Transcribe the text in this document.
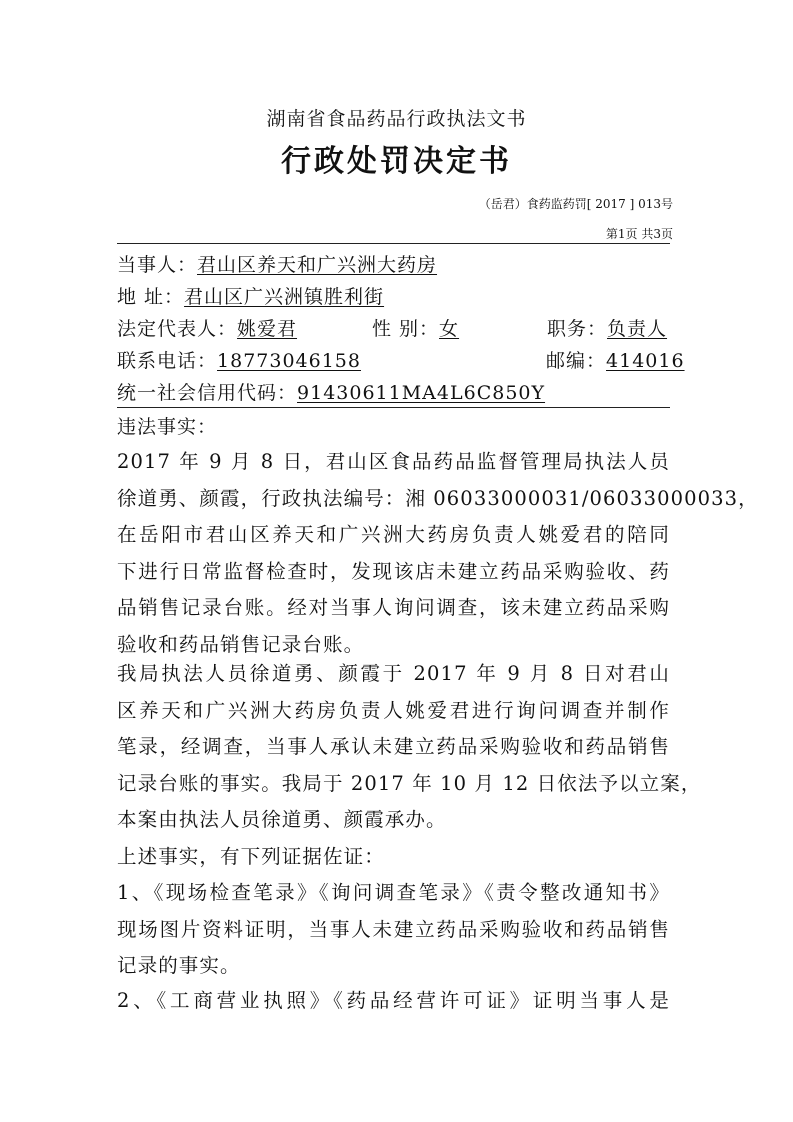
湖南省食品药品行政执法文书
行政处罚决定书
（岳君）食药监药罚[ 2017 ] 013号
第1页 共3页
当事人：君山区养天和广兴洲大药房
地 址：君山区广兴洲镇胜利街
法定代表人：姚爱君	性 别：女	职务：负责人
联系电话：18773046158	邮编：414016
统一社会信用代码：91430611MA4L6C850Y
违法事实：
2017 年 9 月 8 日，君山区食品药品监督管理局执法人员
徐道勇、颜霞，行政执法编号：湘 06033000031/06033000033，
在岳阳市君山区养天和广兴洲大药房负责人姚爱君的陪同
下进行日常监督检查时，发现该店未建立药品采购验收、药
品销售记录台账。经对当事人询问调查，该未建立药品采购
验收和药品销售记录台账。
我局执法人员徐道勇、颜霞于 2017 年 9 月 8 日对君山
区养天和广兴洲大药房负责人姚爱君进行询问调查并制作
笔录，经调查，当事人承认未建立药品采购验收和药品销售
记录台账的事实。我局于 2017 年 10 月 12 日依法予以立案，
本案由执法人员徐道勇、颜霞承办。
上述事实，有下列证据佐证：
1、《现场检查笔录》《询问调查笔录》《责令整改通知书》
现场图片资料证明，当事人未建立药品采购验收和药品销售
记录的事实。
2、《工商营业执照》《药品经营许可证》证明当事人是
